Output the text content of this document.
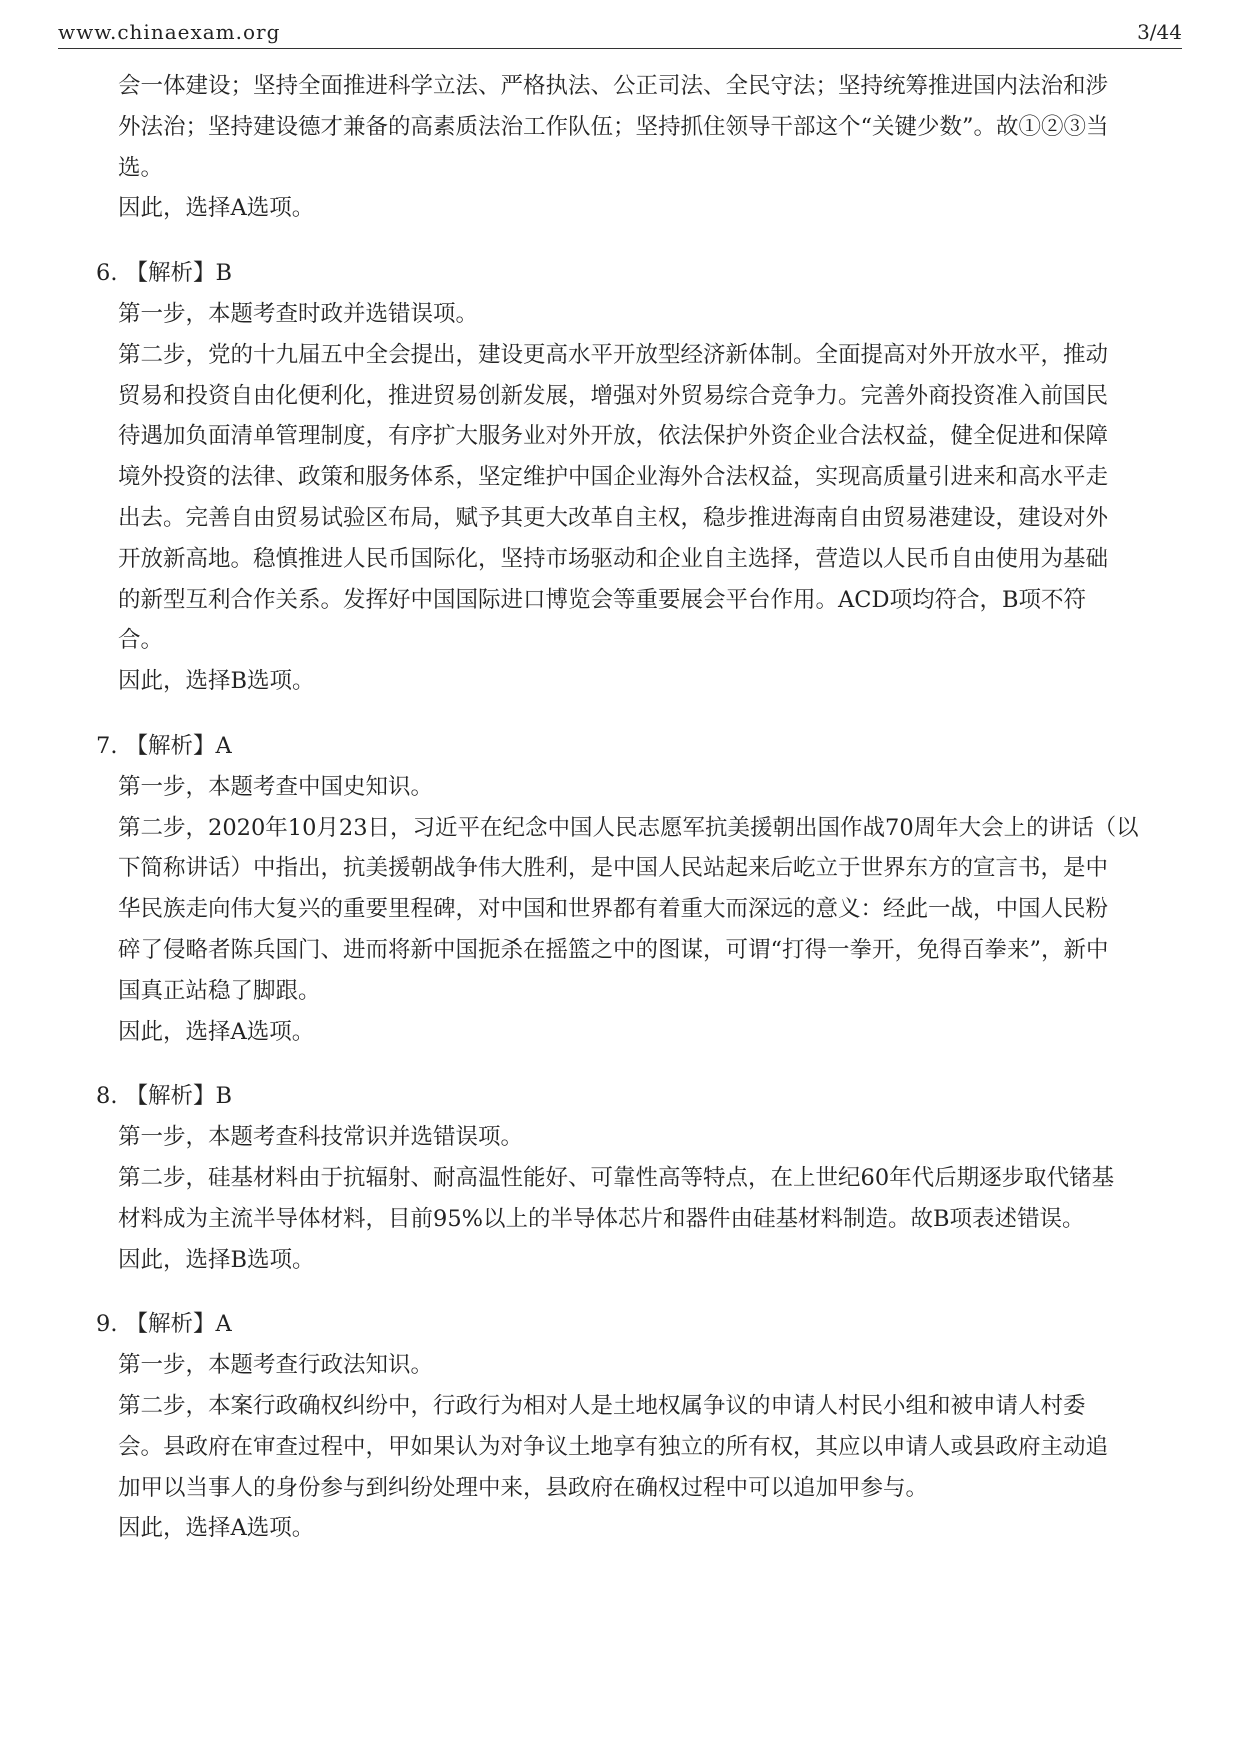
www.chinaexam.org	3/44
会一体建设；坚持全面推进科学立法、严格执法、公正司法、全民守法；坚持统筹推进国内法治和涉
外法治；坚持建设德才兼备的高素质法治工作队伍；坚持抓住领导干部这个“关键少数”。故①②③当
选。
因此，选择A选项。
6. 【解析】B
第一步，本题考查时政并选错误项。
第二步，党的十九届五中全会提出，建设更高水平开放型经济新体制。全面提高对外开放水平，推动
贸易和投资自由化便利化，推进贸易创新发展，增强对外贸易综合竞争力。完善外商投资准入前国民
待遇加负面清单管理制度，有序扩大服务业对外开放，依法保护外资企业合法权益，健全促进和保障
境外投资的法律、政策和服务体系，坚定维护中国企业海外合法权益，实现高质量引进来和高水平走
出去。完善自由贸易试验区布局，赋予其更大改革自主权，稳步推进海南自由贸易港建设，建设对外
开放新高地。稳慎推进人民币国际化，坚持市场驱动和企业自主选择，营造以人民币自由使用为基础
的新型互利合作关系。发挥好中国国际进口博览会等重要展会平台作用。ACD项均符合，B项不符
合。
因此，选择B选项。
7. 【解析】A
第一步，本题考查中国史知识。
第二步，2020年10月23日，习近平在纪念中国人民志愿军抗美援朝出国作战70周年大会上的讲话（以
下简称讲话）中指出，抗美援朝战争伟大胜利，是中国人民站起来后屹立于世界东方的宣言书，是中
华民族走向伟大复兴的重要里程碑，对中国和世界都有着重大而深远的意义：经此一战，中国人民粉
碎了侵略者陈兵国门、进而将新中国扼杀在摇篮之中的图谋，可谓“打得一拳开，免得百拳来”，新中
国真正站稳了脚跟。
因此，选择A选项。
8. 【解析】B
第一步，本题考查科技常识并选错误项。
第二步，硅基材料由于抗辐射、耐高温性能好、可靠性高等特点，在上世纪60年代后期逐步取代锗基
材料成为主流半导体材料，目前95%以上的半导体芯片和器件由硅基材料制造。故B项表述错误。
因此，选择B选项。
9. 【解析】A
第一步，本题考查行政法知识。
第二步，本案行政确权纠纷中，行政行为相对人是土地权属争议的申请人村民小组和被申请人村委
会。县政府在审查过程中，甲如果认为对争议土地享有独立的所有权，其应以申请人或县政府主动追
加甲以当事人的身份参与到纠纷处理中来，县政府在确权过程中可以追加甲参与。
因此，选择A选项。
